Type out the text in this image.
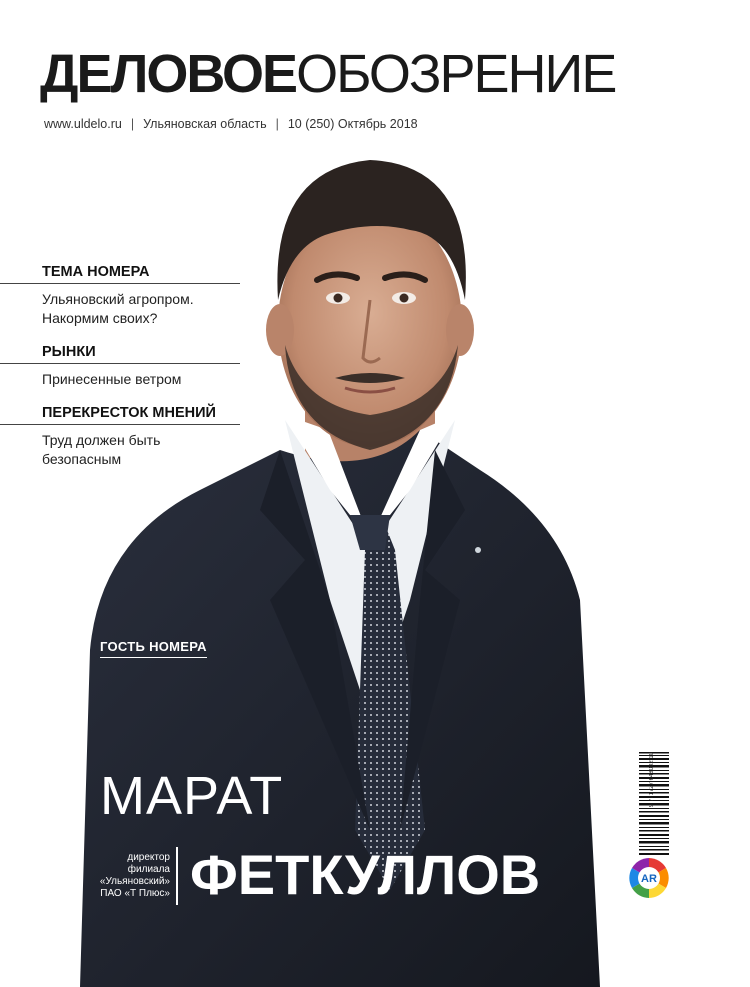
ДЕЛОВОЕОБОЗРЕНИЕ
www.uldelo.ru | Ульяновская область | 10 (250) Октябрь 2018
ТЕМА НОМЕРА
Ульяновский агропром.
Накормим своих?
РЫНКИ
Принесенные ветром
ПЕРЕКРЕСТОК МНЕНИЙ
Труд должен быть
безопасным
ГОСТЬ НОМЕРА
МАРАТ
директор
филиала
«Ульяновский»
ПАО «Т Плюс» ФЕТКУЛЛОВ
9 771727 648002 10
AR
